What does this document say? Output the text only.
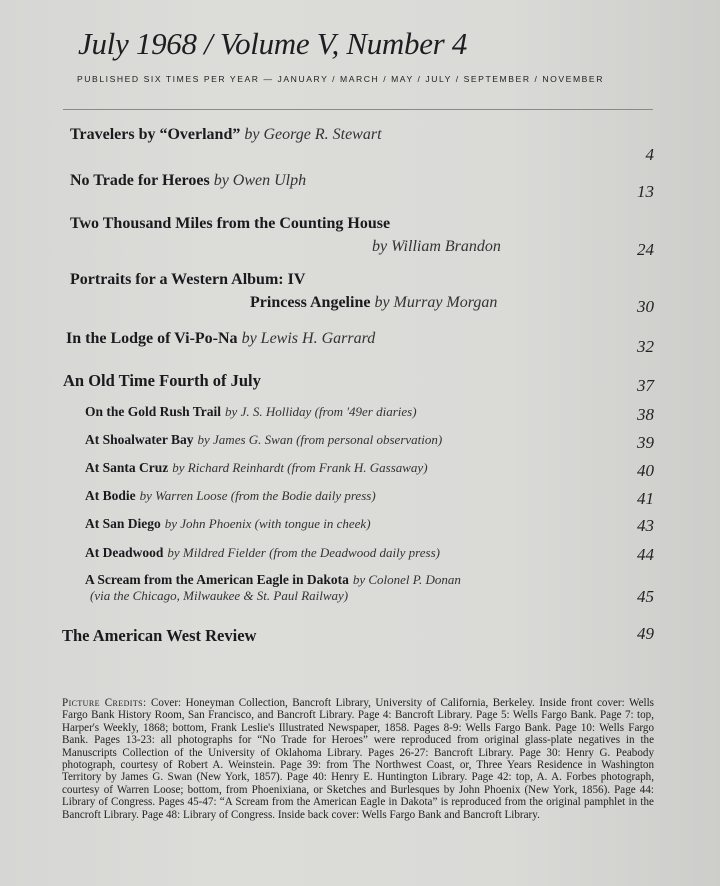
July 1968 / Volume V, Number 4
PUBLISHED SIX TIMES PER YEAR — JANUARY / MARCH / MAY / JULY / SEPTEMBER / NOVEMBER
Travelers by “Overland” by George R. Stewart
4
No Trade for Heroes by Owen Ulph
13
Two Thousand Miles from the Counting House
by William Brandon	24
Portraits for a Western Album: IV
Princess Angeline by Murray Morgan	30
In the Lodge of Vi-Po-Na by Lewis H. Garrard	32
An Old Time Fourth of July	37
On the Gold Rush Trail by J. S. Holliday (from '49er diaries)	38
At Shoalwater Bay by James G. Swan (from personal observation)	39
At Santa Cruz by Richard Reinhardt (from Frank H. Gassaway)	40
At Bodie by Warren Loose (from the Bodie daily press)	41
At San Diego by John Phoenix (with tongue in cheek)	43
At Deadwood by Mildred Fielder (from the Deadwood daily press)	44
A Scream from the American Eagle in Dakota by Colonel P. Donan
(via the Chicago, Milwaukee & St. Paul Railway)	45
The American West Review	49
Picture Credits: Cover: Honeyman Collection, Bancroft Library, University of California, Berkeley. Inside front cover: Wells Fargo Bank History Room, San Francisco, and Bancroft Library. Page 4: Bancroft Library. Page 5: Wells Fargo Bank. Page 7: top, Harper's Weekly, 1868; bottom, Frank Leslie's Illustrated Newspaper, 1858. Pages 8-9: Wells Fargo Bank. Page 10: Wells Fargo Bank. Pages 13-23: all photographs for “No Trade for Heroes” were reproduced from original glass-plate negatives in the Manuscripts Collection of the University of Oklahoma Library. Pages 26-27: Bancroft Library. Page 30: Henry G. Peabody photograph, courtesy of Robert A. Weinstein. Page 39: from The Northwest Coast, or, Three Years Residence in Washington Territory by James G. Swan (New York, 1857). Page 40: Henry E. Huntington Library. Page 42: top, A. A. Forbes photograph, courtesy of Warren Loose; bottom, from Phoenixiana, or Sketches and Burlesques by John Phoenix (New York, 1856). Page 44: Library of Congress. Pages 45-47: “A Scream from the American Eagle in Dakota” is reproduced from the original pamphlet in the Bancroft Library. Page 48: Library of Congress. Inside back cover: Wells Fargo Bank and Bancroft Library.
